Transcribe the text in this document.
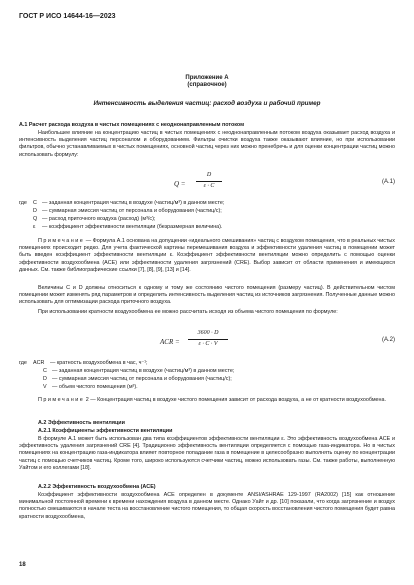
ГОСТ Р ИСО 14644-16—2023
Приложение А
(справочное)
Интенсивность выделения частиц: расход воздуха и рабочий пример
А.1 Расчет расхода воздуха в чистых помещениях с неоднонаправленным потоком
Наибольшее влияние на концентрацию частиц в чистых помещениях с неоднонаправленным потоком воздуха оказывает расход воздуха и интенсивность выделения частиц персоналом и оборудованием. Фильтры очистки воздуха также оказывают влияние, но при использовании фильтров, обычно устанавливаемых в чистых помещениях, основной частиц через них можно пренебречь и для оценки концентрации частиц можно использовать формулу:
Q =
D
ε · C
(A.1)
где C — заданная концентрация частиц в воздухе (частиц/м³) в данном месте;
D — суммарная эмиссия частиц от персонала и оборудования (частиц/с);
Q — расход приточного воздуха (расход) (м³/с);
ε — коэффициент эффективности вентиляции (безразмерная величина).
Примечание — Формула А.1 основана на допущении «идеального смешивания» частиц с воздухом помещения, что в реальных чистых помещениях происходит редко. Для учета фактической картины перемешивания воздуха и эффективности удаления частиц в помещении может быть введен коэффициент эффективности вентиляции ε. Коэффициент эффективности вентиляции можно определить с помощью оценки эффективности воздухообмена (ACE) или эффективности удаления загрязнений (CRE). Выбор зависит от области применения и имеющихся данных. См. также библиографические ссылки [7], [8], [9], [13] и [14].
Величины C и D должны относиться к одному и тому же состоянию чистого помещения (размеру частиц). В действительном чистом помещении может изменять ряд параметров и определить интенсивность выделения частиц из источников загрязнения. Полученные данные можно использовать для оптимизации расхода приточного воздуха.
При использовании кратности воздухообмена ее можно рассчитать исходя из объема чистого помещения по формуле:
ACR =
3600 · D
ε · C · V
(A.2)
где ACR — кратность воздухообмена в час, ч⁻¹;
C — заданная концентрация частиц в воздухе (частиц/м³) в данном месте;
D — суммарная эмиссия частиц от персонала и оборудования (частиц/с);
V — объем чистого помещения (м³).
Примечание 2 — Концентрация частиц в воздухе чистого помещения зависит от расхода воздуха, а не от кратности воздухообмена.
А.2 Эффективность вентиляции
А.2.1 Коэффициенты эффективности вентиляции
В формуле А.1 может быть использован два типа коэффициентов эффективности вентиляции ε. Это эффективность воздухообмена ACE и эффективность удаления загрязнений CRE [4]. Традиционно эффективность вентиляции определяется с помощью газа-индикатора. Но в чистых помещениях на концентрацию газа-индикатора влияет повторное попадание газа в помещение в целесообразно выполнять оценку по концентрации частиц с помощью счетчиков частиц. Кроме того, широко используются счетчики частиц, можно использовать газы. См. также работы, выполненную Уайтом и его коллегами [18].
А.2.2 Эффективность воздухообмена (ACE)
Коэффициент эффективности воздухообмена ACE определен в документе ANSI/ASHRAE 129-1997 (RA2002) [15] как отношение минимальной постоянной времени к времени нахождения воздуха в данном месте. Однако Уайт и др. [10] показали, что когда загрязнение и воздух полностью смешиваются в начале теста на восстановление чистого помещения, то общая скорость восстановления чистого помещения будет равна кратности воздухообмена,
18
